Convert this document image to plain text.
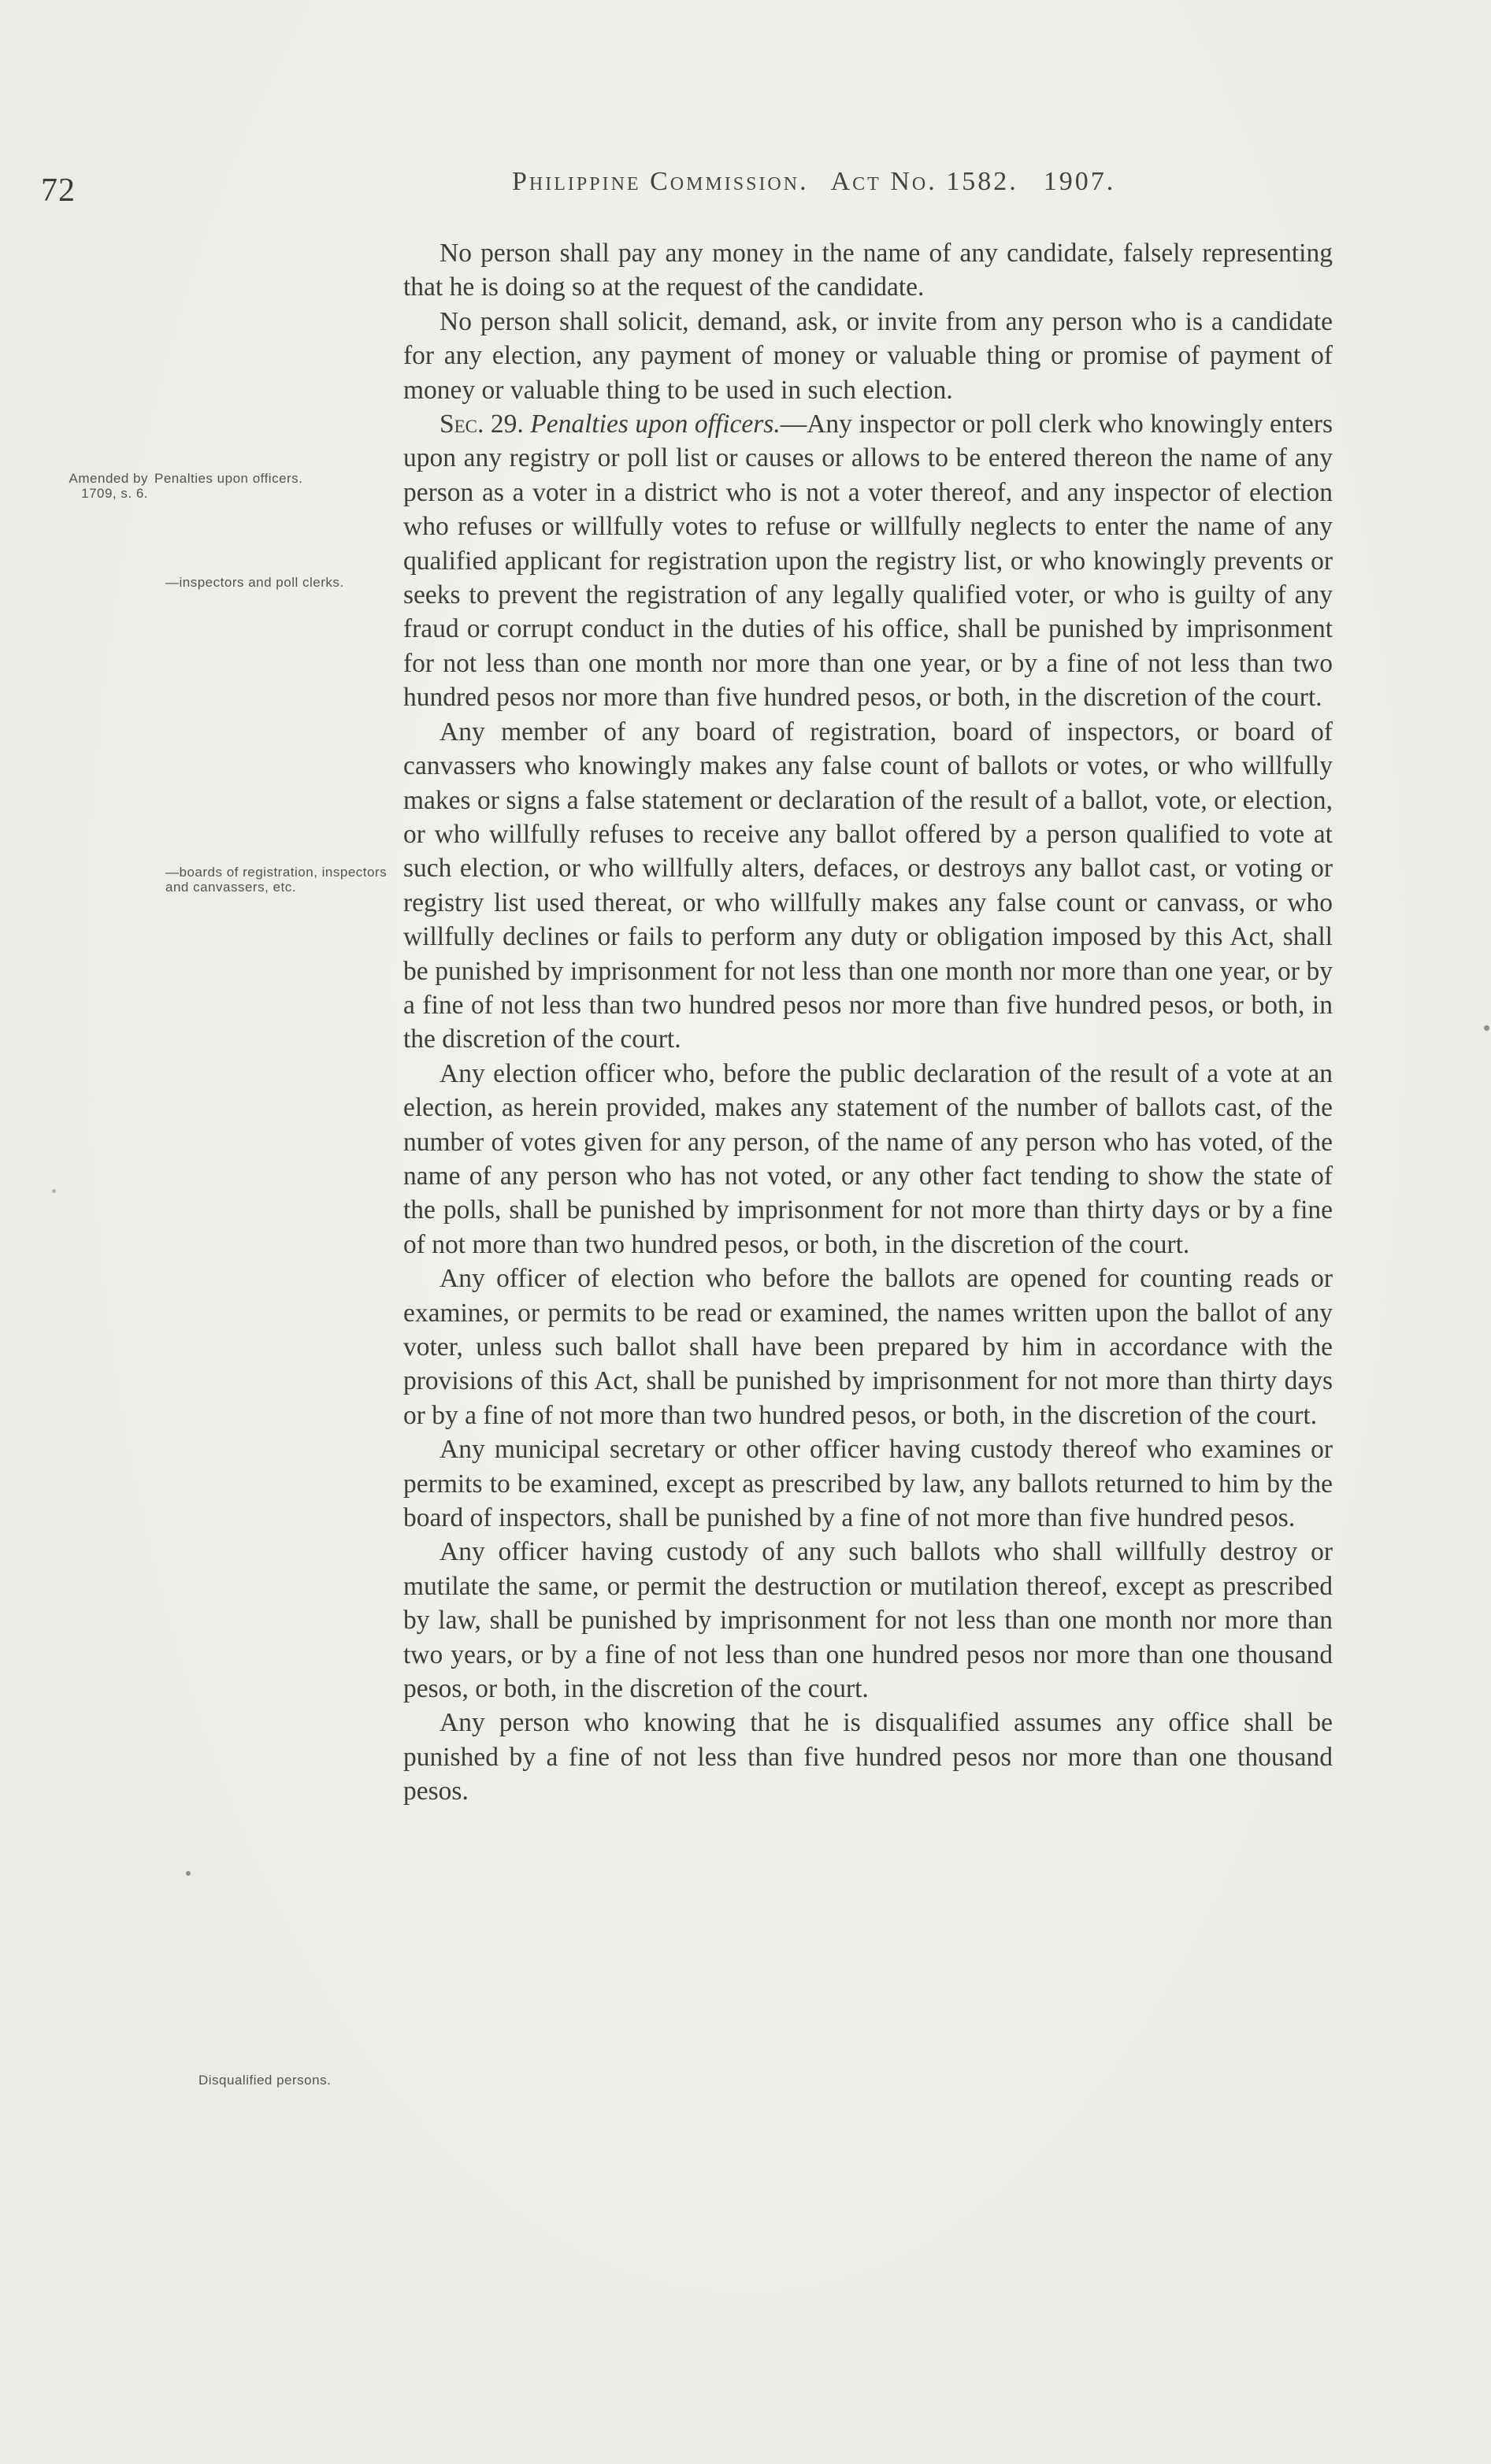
72	Philippine Commission. Act No. 1582. 1907.
Amended by 1709, s. 6.
Penalties upon officers.
—inspectors and poll clerks.
—boards of registration, inspectors and canvassers, etc.
Disqualified persons.

No person shall pay any money in the name of any candidate, falsely representing that he is doing so at the request of the candidate.

No person shall solicit, demand, ask, or invite from any person who is a candidate for any election, any payment of money or valuable thing or promise of payment of money or valuable thing to be used in such election.

Sec. 29. Penalties upon officers.—Any inspector or poll clerk who knowingly enters upon any registry or poll list or causes or allows to be entered thereon the name of any person as a voter in a district who is not a voter thereof, and any inspector of election who refuses or willfully votes to refuse or willfully neglects to enter the name of any qualified applicant for registration upon the registry list, or who knowingly prevents or seeks to prevent the registration of any legally qualified voter, or who is guilty of any fraud or corrupt conduct in the duties of his office, shall be punished by imprisonment for not less than one month nor more than one year, or by a fine of not less than two hundred pesos nor more than five hundred pesos, or both, in the discretion of the court.

Any member of any board of registration, board of inspectors, or board of canvassers who knowingly makes any false count of ballots or votes, or who willfully makes or signs a false statement or declaration of the result of a ballot, vote, or election, or who willfully refuses to receive any ballot offered by a person qualified to vote at such election, or who willfully alters, defaces, or destroys any ballot cast, or voting or registry list used thereat, or who willfully makes any false count or canvass, or who willfully declines or fails to perform any duty or obligation imposed by this Act, shall be punished by imprisonment for not less than one month nor more than one year, or by a fine of not less than two hundred pesos nor more than five hundred pesos, or both, in the discretion of the court.

Any election officer who, before the public declaration of the result of a vote at an election, as herein provided, makes any statement of the number of ballots cast, of the number of votes given for any person, of the name of any person who has voted, of the name of any person who has not voted, or any other fact tending to show the state of the polls, shall be punished by imprisonment for not more than thirty days or by a fine of not more than two hundred pesos, or both, in the discretion of the court.

Any officer of election who before the ballots are opened for counting reads or examines, or permits to be read or examined, the names written upon the ballot of any voter, unless such ballot shall have been prepared by him in accordance with the provisions of this Act, shall be punished by imprisonment for not more than thirty days or by a fine of not more than two hundred pesos, or both, in the discretion of the court.

Any municipal secretary or other officer having custody thereof who examines or permits to be examined, except as prescribed by law, any ballots returned to him by the board of inspectors, shall be punished by a fine of not more than five hundred pesos.

Any officer having custody of any such ballots who shall willfully destroy or mutilate the same, or permit the destruction or mutilation thereof, except as prescribed by law, shall be punished by imprisonment for not less than one month nor more than two years, or by a fine of not less than one hundred pesos nor more than one thousand pesos, or both, in the discretion of the court.

Any person who knowing that he is disqualified assumes any office shall be punished by a fine of not less than five hundred pesos nor more than one thousand pesos.
